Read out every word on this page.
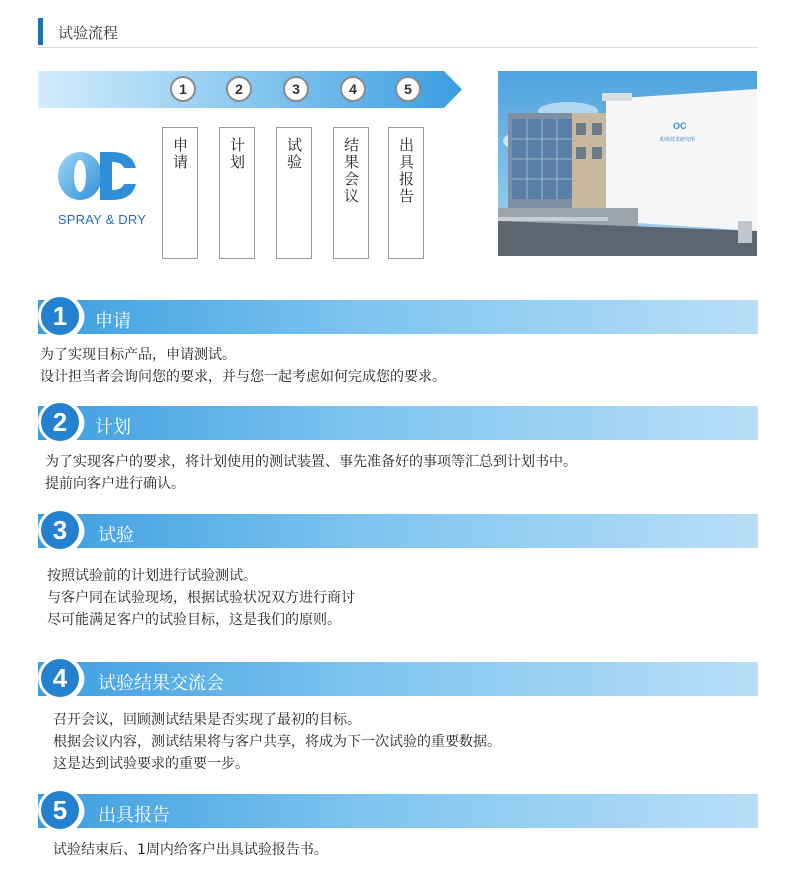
试验流程
1	2	3	4	5
申请
计划
试验
结果会议
出具报告
SPRAY & DRY
OC
粉体技术研究所
1	申请
为了实现目标产品，申请测试。
设计担当者会询问您的要求，并与您一起考虑如何完成您的要求。
2	计划
为了实现客户的要求，将计划使用的测试装置、事先准备好的事项等汇总到计划书中。
提前向客户进行确认。
3	试验
按照试验前的计划进行试验测试。
与客户同在试验现场，根据试验状况双方进行商讨
尽可能满足客户的试验目标，这是我们的原则。
4	试验结果交流会
召开会议，回顾测试结果是否实现了最初的目标。
根据会议内容，测试结果将与客户共享，将成为下一次试验的重要数据。
这是达到试验要求的重要一步。
5	出具报告
试验结束后、1周内给客户出具试验报告书。
